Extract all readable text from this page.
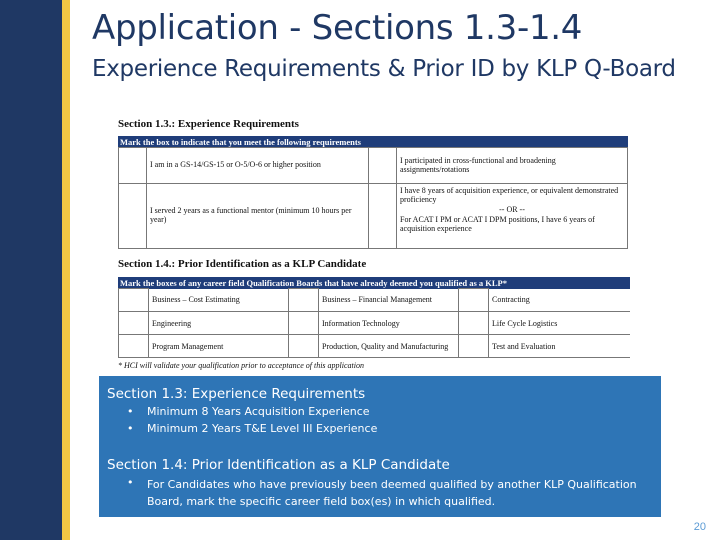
Application - Sections 1.3-1.4
Experience Requirements & Prior ID by KLP Q-Board
Section 1.3.: Experience Requirements
Mark the box to indicate that you meet the following requirements
	I am in a GS-14/GS-15 or O-5/O-6 or higher position		I participated in cross-functional and broadening assignments/rotations
	I served 2 years as a functional mentor (minimum 10 hours per year)		I have 8 years of acquisition experience, or equivalent demonstrated proficiency
-- OR --
For ACAT I PM or ACAT I DPM positions, I have 6 years of acquisition experience
Section 1.4.: Prior Identification as a KLP Candidate
Mark the boxes of any career field Qualification Boards that have already deemed you qualified as a KLP*
	Business – Cost Estimating		Business – Financial Management		Contracting
	Engineering		Information Technology		Life Cycle Logistics
	Program Management		Production, Quality and Manufacturing		Test and Evaluation
* HCI will validate your qualification prior to acceptance of this application
Section 1.3: Experience Requirements
• Minimum 8 Years Acquisition Experience
• Minimum 2 Years T&E Level III Experience
Section 1.4: Prior Identification as a KLP Candidate
• For Candidates who have previously been deemed qualified by another KLP Qualification Board, mark the specific career field box(es) in which qualified.
20
